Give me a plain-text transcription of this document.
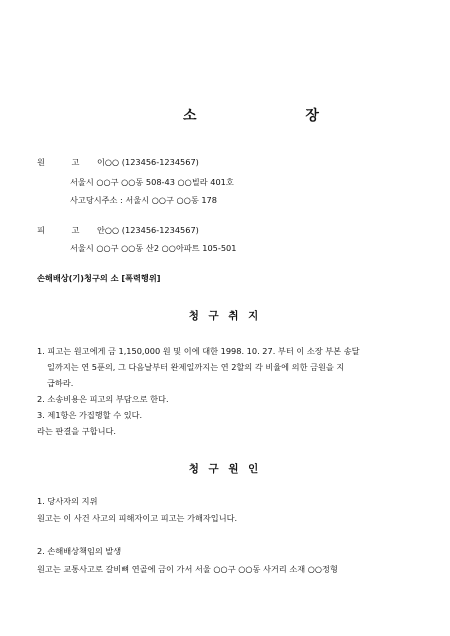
소 장
원 고 이○○ (123456-1234567)
서울시 ○○구 ○○동 508-43 ○○빌라 401호
사고당시주소 : 서울시 ○○구 ○○동 178
피 고 안○○ (123456-1234567)
서울시 ○○구 ○○동 산2 ○○아파트 105-501
손해배상(기)청구의 소 [폭력행위]
청 구 취 지
1. 피고는 원고에게 금 1,150,000 원 및 이에 대한 1998. 10. 27. 부터 이 소장 부본 송달
일까지는 연 5푼의, 그 다음날부터 완제일까지는 연 2할의 각 비율에 의한 금원을 지
급하라.
2. 소송비용은 피고의 부담으로 한다.
3. 제1항은 가집행할 수 있다.
라는 판결을 구합니다.
청 구 원 인
1. 당사자의 지위
원고는 이 사건 사고의 피해자이고 피고는 가해자입니다.
2. 손해배상책임의 발생
원고는 교통사고로 갈비뼈 연골에 금이 가서 서울 ○○구 ○○동 사거리 소재 ○○정형
